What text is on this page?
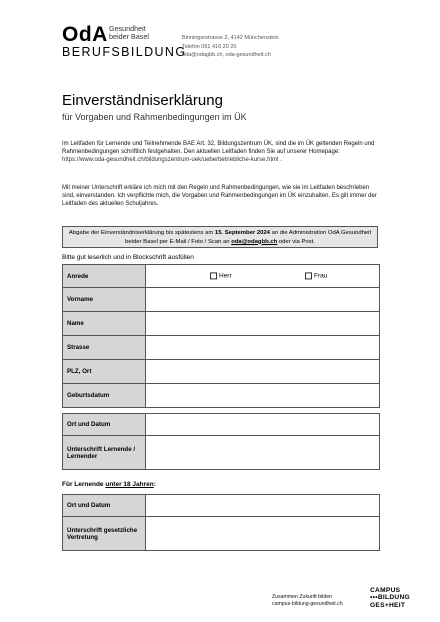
OdA Gesundheit
beider Basel
BERUFSBILDUNG
Binningerstrasse 2, 4142 Münchenstein
Telefon 061 416 20 20
oda@odagbb.ch, oda-gesundheit.ch
Einverständniserklärung
für Vorgaben und Rahmenbedingungen im ÜK
Im Leitfaden für Lernende und Teilnehmende BAE Art. 32, Bildungszentrum ÜK, sind die im ÜK geltenden Regeln und Rahmenbedingungen schriftlich festgehalten. Den aktuellen Leitfaden finden Sie auf unserer Homepage:
https://www.oda-gesundheit.ch/bildungszentrum-uek/ueberbetriebliche-kurse.html .
Mit meiner Unterschrift erkläre ich mich mit den Regeln und Rahmenbedingungen, wie sie im Leitfaden beschrieben sind, einverstanden. Ich verpflichte mich, die Vorgaben und Rahmenbedingungen im ÜK einzuhalten. Es gilt immer der Leitfaden des aktuellen Schuljahres.
Abgabe der Einverständniserklärung bis spätestens am 15. September 2024 an die Administration OdA Gesundheit beider Basel per E-Mail / Foto / Scan an oda@odagbb.ch oder via Post.
Bitte gut leserlich und in Blockschrift ausfüllen
Anrede	Herr Frau

Vorname	
Name	
Strasse	
PLZ, Ort	
Geburtsdatum	
Ort und Datum	
Unterschrift Lernende / Lernender	
Für Lernende unter 18 Jahren:
Ort und Datum	
Unterschrift gesetzliche Vertretung	
Zusammen Zukunft bilden
campus-bildung-gesundheit.ch
CAMPUS
•••BILDUNG
GES+HEIT
